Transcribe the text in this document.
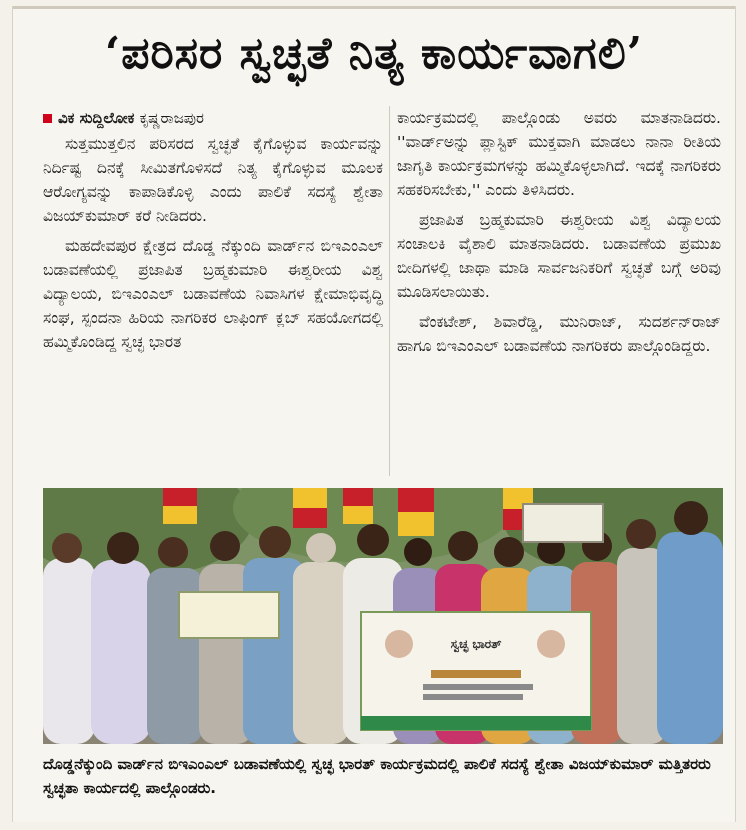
‘ಪರಿಸರ ಸ್ವಚ್ಛತೆ ನಿತ್ಯ ಕಾರ್ಯವಾಗಲಿ’
ವಿಕ ಸುದ್ದಿಲೋಕ ಕೃಷ್ಣರಾಜಪುರ

ಸುತ್ತಮುತ್ತಲಿನ ಪರಿಸರದ ಸ್ವಚ್ಛತೆ ಕೈಗೊಳ್ಳುವ ಕಾರ್ಯವನ್ನು ನಿರ್ದಿಷ್ಟ ದಿನಕ್ಕೆ ಸೀಮಿತಗೊಳಿಸದೆ ನಿತ್ಯ ಕೈಗೊಳ್ಳುವ ಮೂಲಕ ಆರೋಗ್ಯವನ್ನು ಕಾಪಾಡಿಕೊಳ್ಳಿ ಎಂದು ಪಾಲಿಕೆ ಸದಸ್ಯೆ ಶ್ವೇತಾ ವಿಜಯ್‌ಕುಮಾರ್ ಕರೆ ನೀಡಿದರು.

ಮಹದೇವಪುರ ಕ್ಷೇತ್ರದ ದೊಡ್ಡ ನೆಕ್ಕುಂದಿ ವಾರ್ಡ್‌ನ ಬಿಇಎಂಎಲ್ ಬಡಾವಣೆಯಲ್ಲಿ ಪ್ರಜಾಪಿತ ಬ್ರಹ್ಮಕುಮಾರಿ ಈಶ್ವರೀಯ ವಿಶ್ವ ವಿದ್ಯಾಲಯ, ಬಿಇಎಂಎಲ್ ಬಡಾವಣೆಯ ನಿವಾಸಿಗಳ ಕ್ಷೇಮಾಭಿವೃದ್ಧಿ ಸಂಘ, ಸ್ಪಂದನಾ ಹಿರಿಯ ನಾಗರಿಕರ ಲಾಫಿಂಗ್ ಕ್ಲಬ್ ಸಹಯೋಗದಲ್ಲಿ ಹಮ್ಮಿಕೊಂಡಿದ್ದ ಸ್ವಚ್ಛ ಭಾರತ

ಕಾರ್ಯಕ್ರಮದಲ್ಲಿ ಪಾಲ್ಗೊಂಡು ಅವರು ಮಾತನಾಡಿದರು. ''ವಾರ್ಡ್‌ಅನ್ನು ಪ್ಲಾಸ್ಟಿಕ್ ಮುಕ್ತವಾಗಿ ಮಾಡಲು ನಾನಾ ರೀತಿಯ ಜಾಗೃತಿ ಕಾರ್ಯಕ್ರಮಗಳನ್ನು ಹಮ್ಮಿಕೊಳ್ಳಲಾಗಿದೆ. ಇದಕ್ಕೆ ನಾಗರಿಕರು ಸಹಕರಿಸಬೇಕು,'' ಎಂದು ತಿಳಿಸಿದರು.

ಪ್ರಜಾಪಿತ ಬ್ರಹ್ಮಕುಮಾರಿ ಈಶ್ವರೀಯ ವಿಶ್ವ ವಿದ್ಯಾಲಯ ಸಂಚಾಲಕಿ ವೈಶಾಲಿ ಮಾತನಾಡಿದರು. ಬಡಾವಣೆಯ ಪ್ರಮುಖ ಬೀದಿಗಳಲ್ಲಿ ಜಾಥಾ ಮಾಡಿ ಸಾರ್ವಜನಿಕರಿಗೆ ಸ್ವಚ್ಛತೆ ಬಗ್ಗೆ ಅರಿವು ಮೂಡಿಸಲಾಯಿತು.

ವೆಂಕಟೇಶ್, ಶಿವಾರೆಡ್ಡಿ, ಮುನಿರಾಜ್, ಸುದರ್ಶನ್‌ರಾಜ್ ಹಾಗೂ ಬಿಇಎಂಎಲ್ ಬಡಾವಣೆಯ ನಾಗರಿಕರು ಪಾಲ್ಗೊಂಡಿದ್ದರು.

ಸ್ವಚ್ಛ ಭಾರತ್
ದೊಡ್ಡನೆಕ್ಕುಂದಿ ವಾರ್ಡ್‌ನ ಬಿಇಎಂಎಲ್ ಬಡಾವಣೆಯಲ್ಲಿ ಸ್ವಚ್ಛ ಭಾರತ್ ಕಾರ್ಯಕ್ರಮದಲ್ಲಿ ಪಾಲಿಕೆ ಸದಸ್ಯೆ ಶ್ವೇತಾ ವಿಜಯ್‌ಕುಮಾರ್ ಮತ್ತಿತರರು ಸ್ವಚ್ಛತಾ ಕಾರ್ಯದಲ್ಲಿ ಪಾಲ್ಗೊಂಡರು.
